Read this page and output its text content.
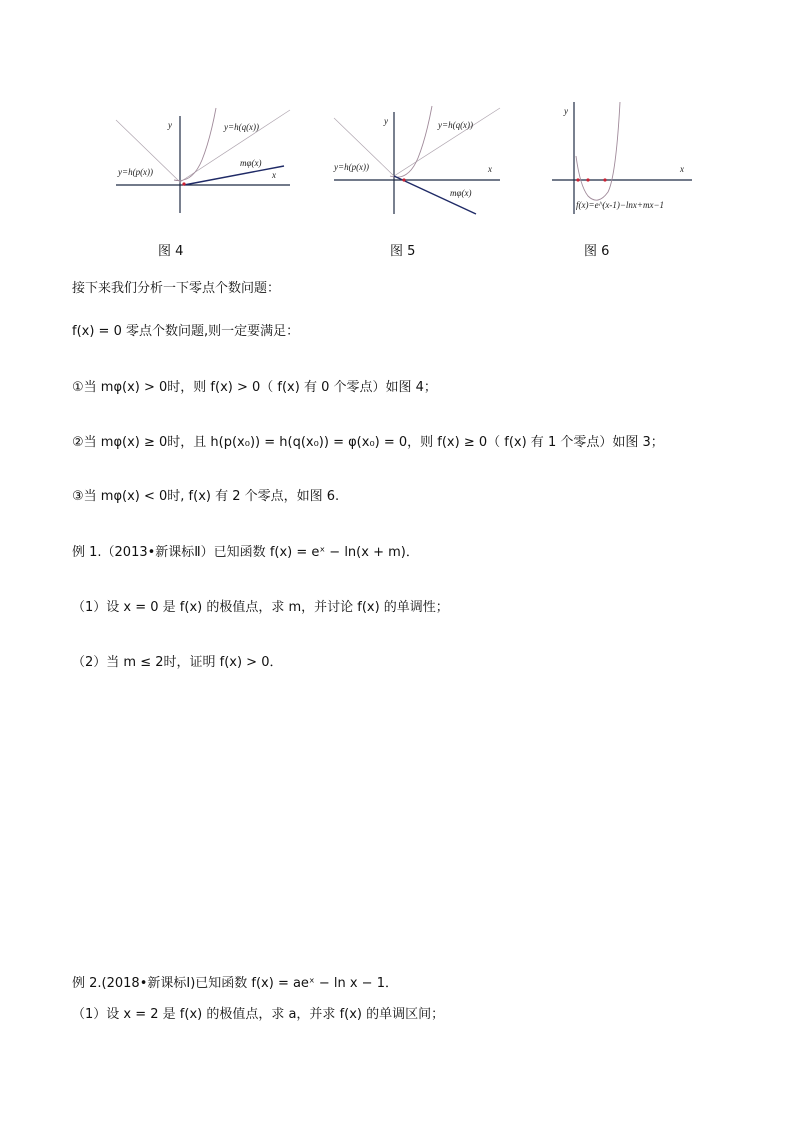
y
x
y=h(q(x))
y=h(p(x))
mφ(x)
图 4
y
x
y=h(q(x))
y=h(p(x))
mφ(x)
图 5
y
x
f(x)=e^(x-1)−lnx+mx−1
图 6
接下来我们分析一下零点个数问题：
f(x) = 0 零点个数问题,则一定要满足：
①当 mφ(x) > 0时，则 f(x) > 0（ f(x) 有 0 个零点）如图 4；
②当 mφ(x) ≥ 0时，且 h(p(x₀)) = h(q(x₀)) = φ(x₀) = 0，则 f(x) ≥ 0（ f(x) 有 1 个零点）如图 3；
③当 mφ(x) < 0时, f(x) 有 2 个零点，如图 6.
例 1.（2013•新课标Ⅱ）已知函数 f(x) = eˣ − ln(x + m)．
（1）设 x = 0 是 f(x) 的极值点，求 m，并讨论 f(x) 的单调性；
（2）当 m ≤ 2时，证明 f(x) > 0．
例 2.(2018•新课标Ⅰ)已知函数 f(x) = aeˣ − ln x − 1．
（1）设 x = 2 是 f(x) 的极值点，求 a，并求 f(x) 的单调区间；
